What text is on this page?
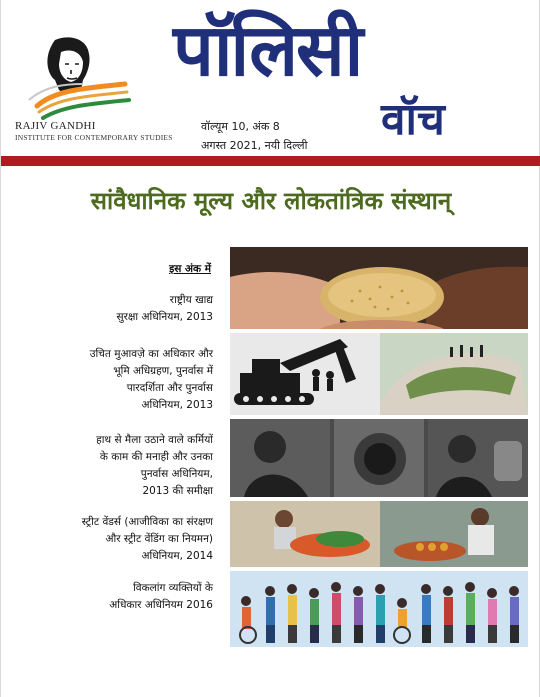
RAJIV GANDHI
INSTITUTE FOR CONTEMPORARY STUDIES
पॉलिसी
वॉच
वॉल्यूम 10, अंक 8
अगस्त 2021, नयी दिल्ली
सांवैधानिक मूल्य और लोकतांत्रिक संस्थान्
इस अंक में
राष्ट्रीय खाद्य
सुरक्षा अधिनियम, 2013
उचित मुआवज़े का अधिकार और
भूमि अधिग्रहण, पुनर्वास में
पारदर्शिता और पुनर्वास
अधिनियम, 2013
हाथ से मैला उठाने वाले कर्मियों
के काम की मनाही और उनका
पुनर्वास अधिनियम,
2013 की समीक्षा
स्ट्रीट वेंडर्स (आजीविका का संरक्षण
और स्ट्रीट वेंडिंग का नियमन)
अधिनियम, 2014
विकलांग व्यक्तियों के
अधिकार अधिनियम 2016
